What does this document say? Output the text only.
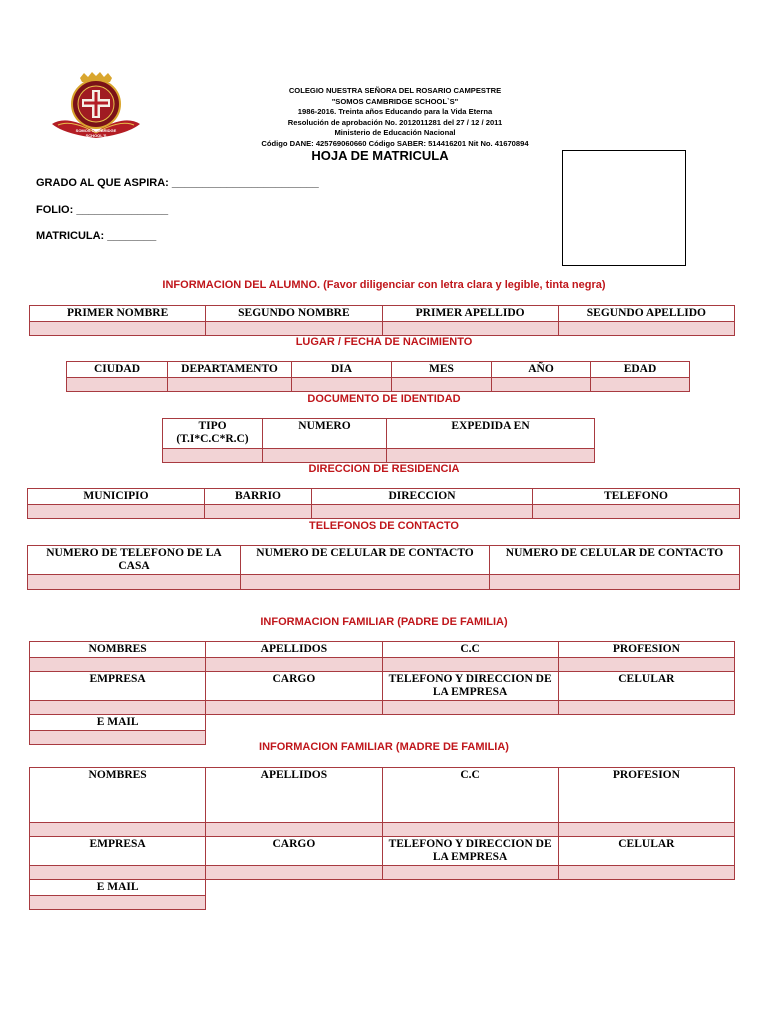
SOMOS CAMBRIDGE SCHOOL'S
COLEGIO NUESTRA SEÑORA DEL ROSARIO CAMPESTRE
"SOMOS CAMBRIDGE SCHOOL`S"
1986-2016. Treinta años Educando para la Vida Eterna
Resolución de aprobación No. 2012011281 del 27 / 12 / 2011
Ministerio de Educación Nacional
Código DANE: 425769060660 Código SABER: 514416201 Nit No. 41670894
HOJA DE MATRICULA
GRADO AL QUE ASPIRA: ________________________
FOLIO: _______________
MATRICULA: ________
INFORMACION DEL ALUMNO. (Favor diligenciar con letra clara y legible, tinta negra)
PRIMER NOMBRE	SEGUNDO NOMBRE	PRIMER APELLIDO	SEGUNDO APELLIDO

LUGAR / FECHA DE NACIMIENTO
CIUDAD	DEPARTAMENTO	DIA	MES	AÑO	EDAD

DOCUMENTO DE IDENTIDAD
TIPO (T.I*C.C*R.C)	NUMERO	EXPEDIDA EN

DIRECCION DE RESIDENCIA
MUNICIPIO	BARRIO	DIRECCION	TELEFONO

TELEFONOS DE CONTACTO
NUMERO DE TELEFONO DE LA CASA	NUMERO DE CELULAR DE CONTACTO	NUMERO DE CELULAR DE CONTACTO

INFORMACION FAMILIAR (PADRE DE FAMILIA)
NOMBRES	APELLIDOS	C.C	PROFESION

EMPRESA	CARGO	TELEFONO Y DIRECCION DE LA EMPRESA	CELULAR

E MAIL			

INFORMACION FAMILIAR (MADRE DE FAMILIA)
NOMBRES	APELLIDOS	C.C	PROFESION

EMPRESA	CARGO	TELEFONO Y DIRECCION DE LA EMPRESA	CELULAR

E MAIL			
